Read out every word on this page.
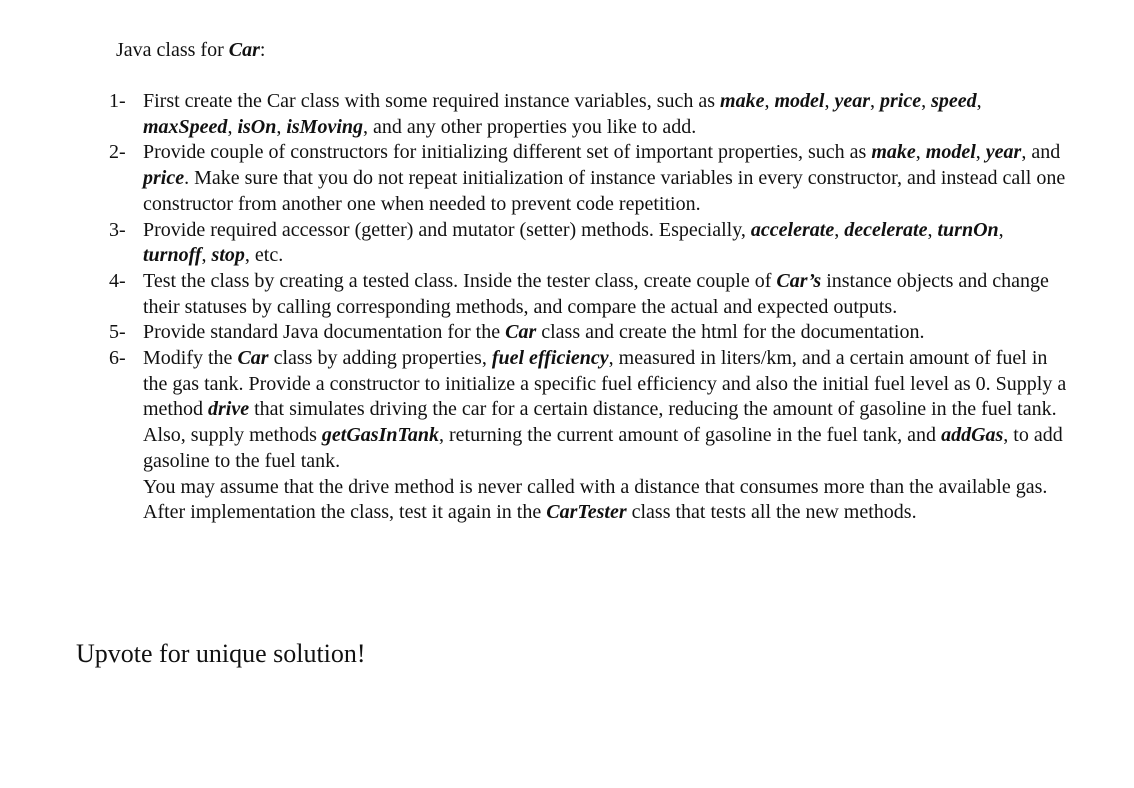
Java class for Car:

1- First create the Car class with some required instance variables, such as make, model, year, price, speed, maxSpeed, isOn, isMoving, and any other properties you like to add.
2- Provide couple of constructors for initializing different set of important properties, such as make, model, year, and price. Make sure that you do not repeat initialization of instance variables in every constructor, and instead call one constructor from another one when needed to prevent code repetition.
3- Provide required accessor (getter) and mutator (setter) methods. Especially, accelerate, decelerate, turnOn, turnoff, stop, etc.
4- Test the class by creating a tested class. Inside the tester class, create couple of Car’s instance objects and change their statuses by calling corresponding methods, and compare the actual and expected outputs.
5- Provide standard Java documentation for the Car class and create the html for the documentation.
6- Modify the Car class by adding properties, fuel efficiency, measured in liters/km, and a certain amount of fuel in the gas tank. Provide a constructor to initialize a specific fuel efficiency and also the initial fuel level as 0. Supply a method drive that simulates driving the car for a certain distance, reducing the amount of gasoline in the fuel tank. Also, supply methods getGasInTank, returning the current amount of gasoline in the fuel tank, and addGas, to add gasoline to the fuel tank.
You may assume that the drive method is never called with a distance that consumes more than the available gas. After implementation the class, test it again in the CarTester class that tests all the new methods.

Upvote for unique solution!
